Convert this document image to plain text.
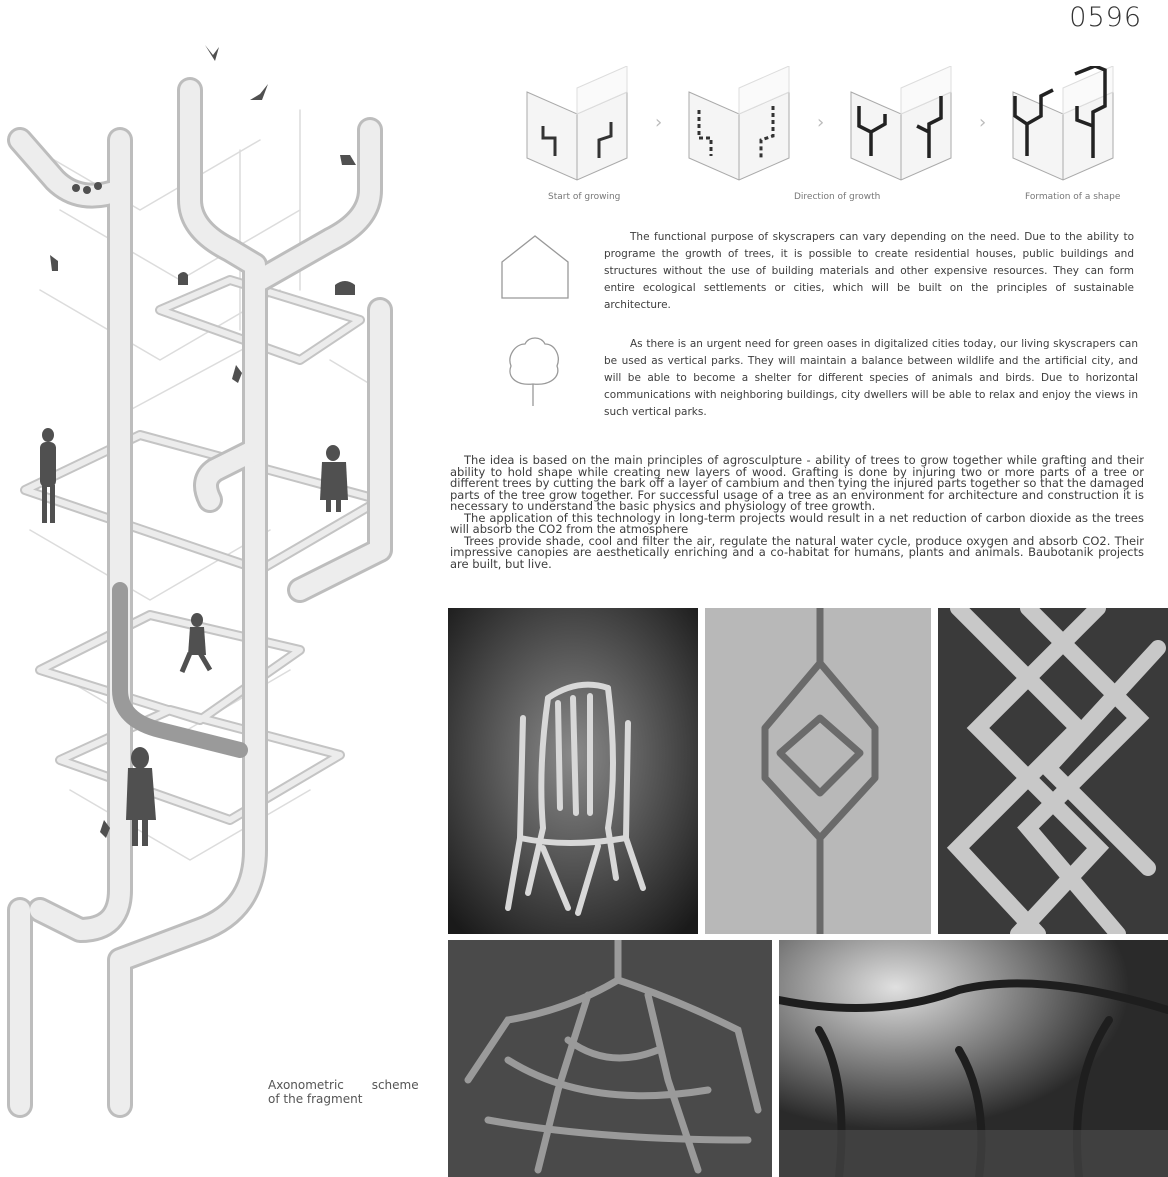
0596
Axonometric scheme
of the fragment
›	›	›
Start of growing	Direction of growth	Formation of a shape
The functional purpose of skyscrapers can vary depending on the need. Due to the ability to programe the growth of trees, it is possible to create residential houses, public buildings and structures without the use of building materials and other expensive resources. They can form entire ecological settlements or cities, which will be built on the principles of sustainable architecture.
As there is an urgent need for green oases in digitalized cities today, our living skyscrapers can be used as vertical parks. They will maintain a balance between wildlife and the artificial city, and will be able to become a shelter for different species of animals and birds. Due to horizontal communications with neighboring buildings, city dwellers will be able to relax and enjoy the views in such vertical parks.

The idea is based on the main principles of agrosculpture - ability of trees to grow together while grafting and their ability to hold shape while creating new layers of wood. Grafting is done by injuring two or more parts of a tree or different trees by cutting the bark off a layer of cambium and then tying the injured parts together so that the damaged parts of the tree grow together. For successful usage of a tree as an environment for architecture and construction it is necessary to understand the basic physics and physiology of tree growth.

The application of this technology in long-term projects would result in a net reduction of carbon dioxide as the trees will absorb the CO2 from the atmosphere

Trees provide shade, cool and filter the air, regulate the natural water cycle, produce oxygen and absorb CO2. Their impressive canopies are aesthetically enriching and a co-habitat for humans, plants and animals. Baubotanik projects are built, but live.
